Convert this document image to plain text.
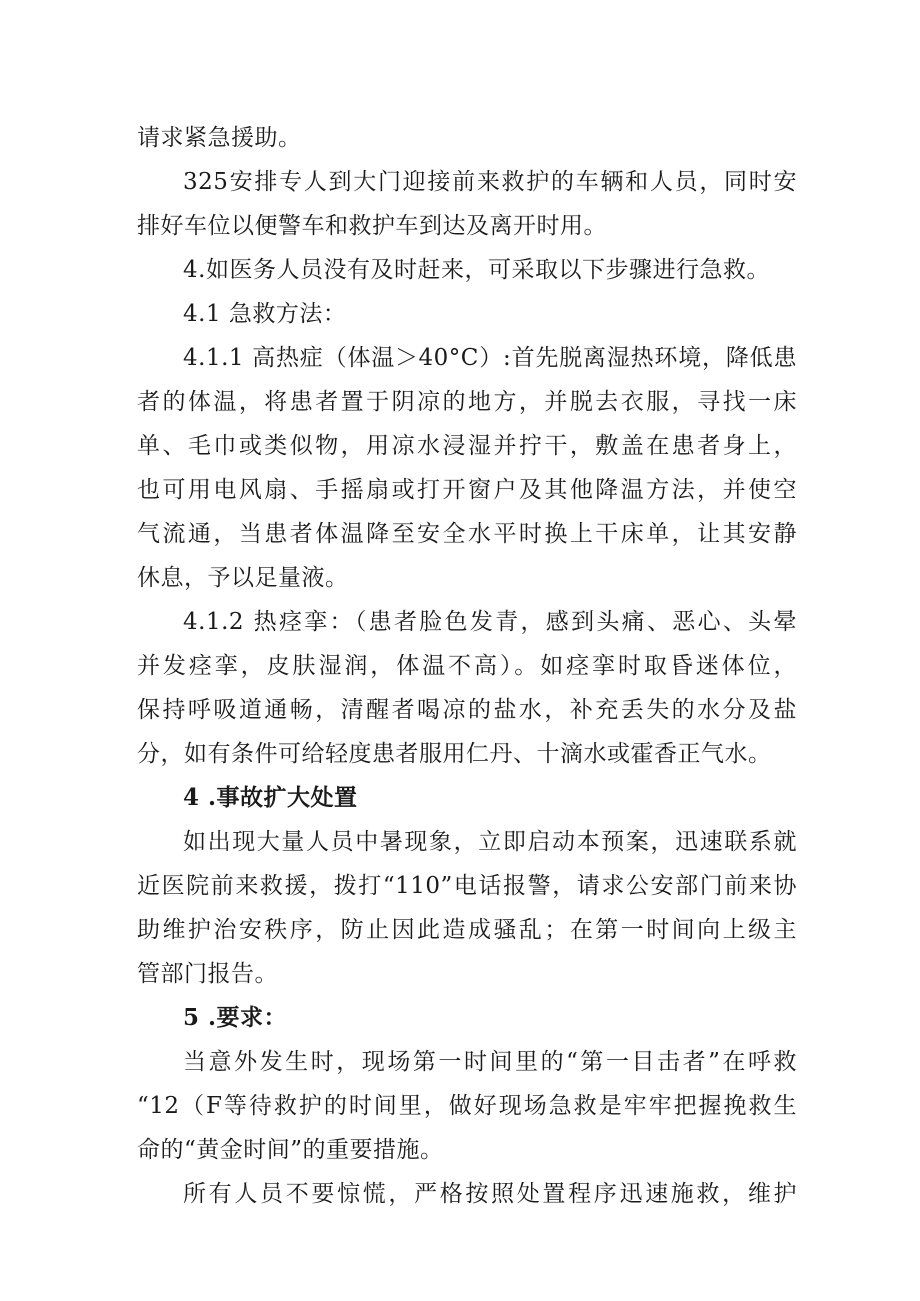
请求紧急援助。
325安排专人到大门迎接前来救护的车辆和人员，同时安
排好车位以便警车和救护车到达及离开时用。
4.如医务人员没有及时赶来，可采取以下步骤进行急救。
4.1 急救方法：
4.1.1 高热症（体温＞40°C）:首先脱离湿热环境，降低患
者的体温，将患者置于阴凉的地方，并脱去衣服，寻找一床
单、毛巾或类似物，用凉水浸湿并拧干，敷盖在患者身上，
也可用电风扇、手摇扇或打开窗户及其他降温方法，并使空
气流通，当患者体温降至安全水平时换上干床单，让其安静
休息，予以足量液。
4.1.2 热痉挛：（患者脸色发青，感到头痛、恶心、头晕
并发痉挛，皮肤湿润，体温不高）。如痉挛时取昏迷体位，
保持呼吸道通畅，清醒者喝凉的盐水，补充丢失的水分及盐
分，如有条件可给轻度患者服用仁丹、十滴水或霍香正气水。
4 .事故扩大处置
如出现大量人员中暑现象，立即启动本预案，迅速联系就
近医院前来救援，拨打“110”电话报警，请求公安部门前来协
助维护治安秩序，防止因此造成骚乱；在第一时间向上级主
管部门报告。
5 .要求：
当意外发生时，现场第一时间里的“第一目击者”在呼救
“12（F等待救护的时间里，做好现场急救是牢牢把握挽救生
命的“黄金时间”的重要措施。
所有人员不要惊慌，严格按照处置程序迅速施救，维护
